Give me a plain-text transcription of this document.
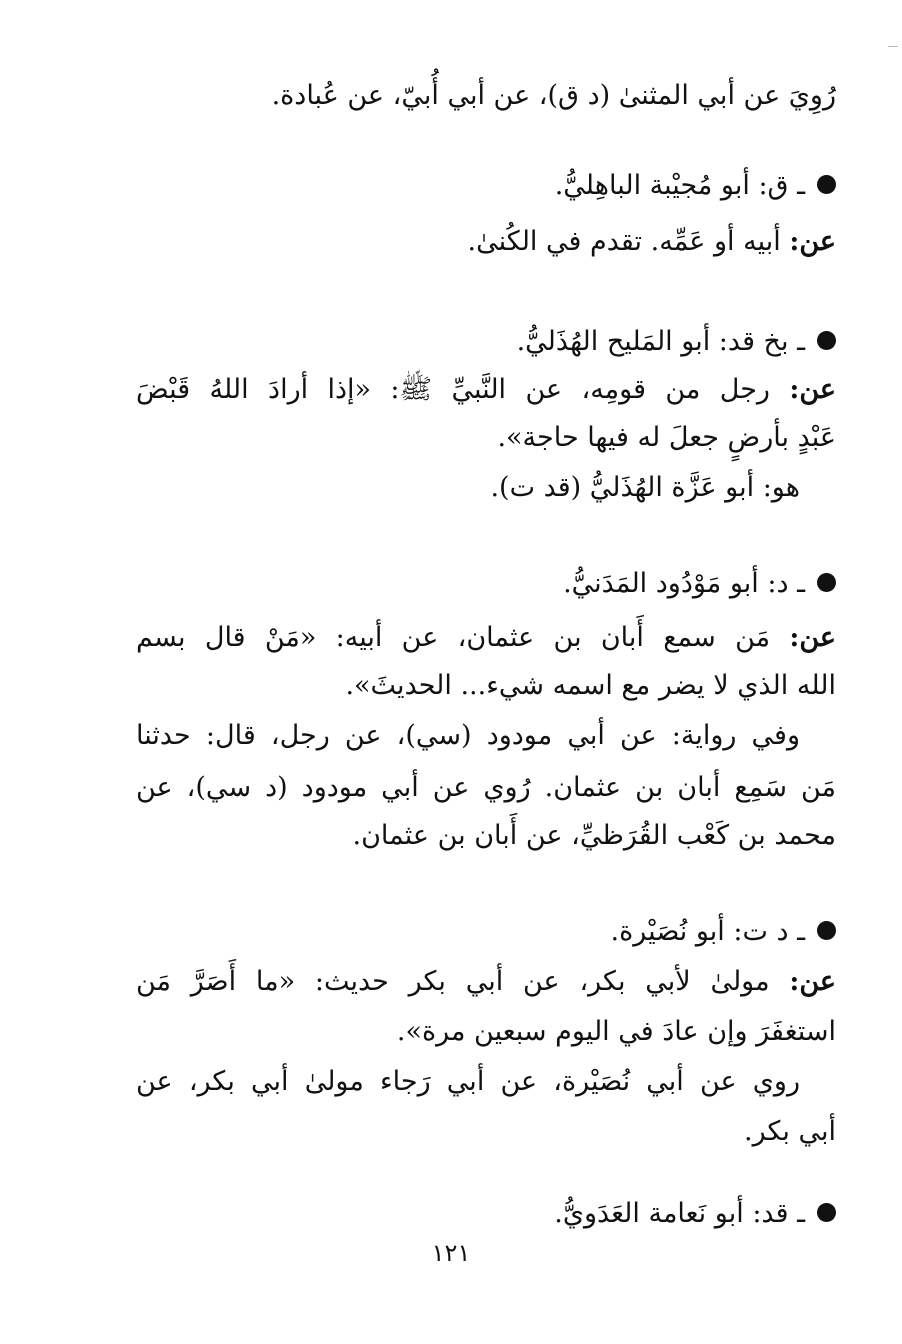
رُوِيَ عن أبي المثنىٰ (د ق)، عن أبي أُبيّ، عن عُبادة.
ـ ق: أبو مُجيْبة الباهِليُّ.
عن: أبيه أو عَمِّه. تقدم في الكُنىٰ.
ـ بخ قد: أبو المَليح الهُذَليُّ.
عن: رجل من قومِه، عن النَّبيِّ ﷺ: «إذا أرادَ اللهُ قَبْضَ
عَبْدٍ بأرضٍ جعلَ له فيها حاجة».
هو: أبو عَزَّة الهُذَليُّ (قد ت).
ـ د: أبو مَوْدُود المَدَنيُّ.
عن: مَن سمع أَبان بن عثمان، عن أبيه: «مَنْ قال بسم
الله الذي لا يضر مع اسمه شيء... الحديثَ».
وفي رواية: عن أبي مودود (سي)، عن رجل، قال: حدثنا
مَن سَمِع أبان بن عثمان. رُوي عن أبي مودود (د سي)، عن
محمد بن كَعْب القُرَظيِّ، عن أَبان بن عثمان.
ـ د ت: أبو نُصَيْرة.
عن: مولىٰ لأبي بكر، عن أبي بكر حديث: «ما أَصَرَّ مَن
استغفَرَ وإن عادَ في اليوم سبعين مرة».
روي عن أبي نُصَيْرة، عن أبي رَجاء مولىٰ أبي بكر، عن
أبي بكر.
ـ قد: أبو نَعامة العَدَويُّ.
١٢١
